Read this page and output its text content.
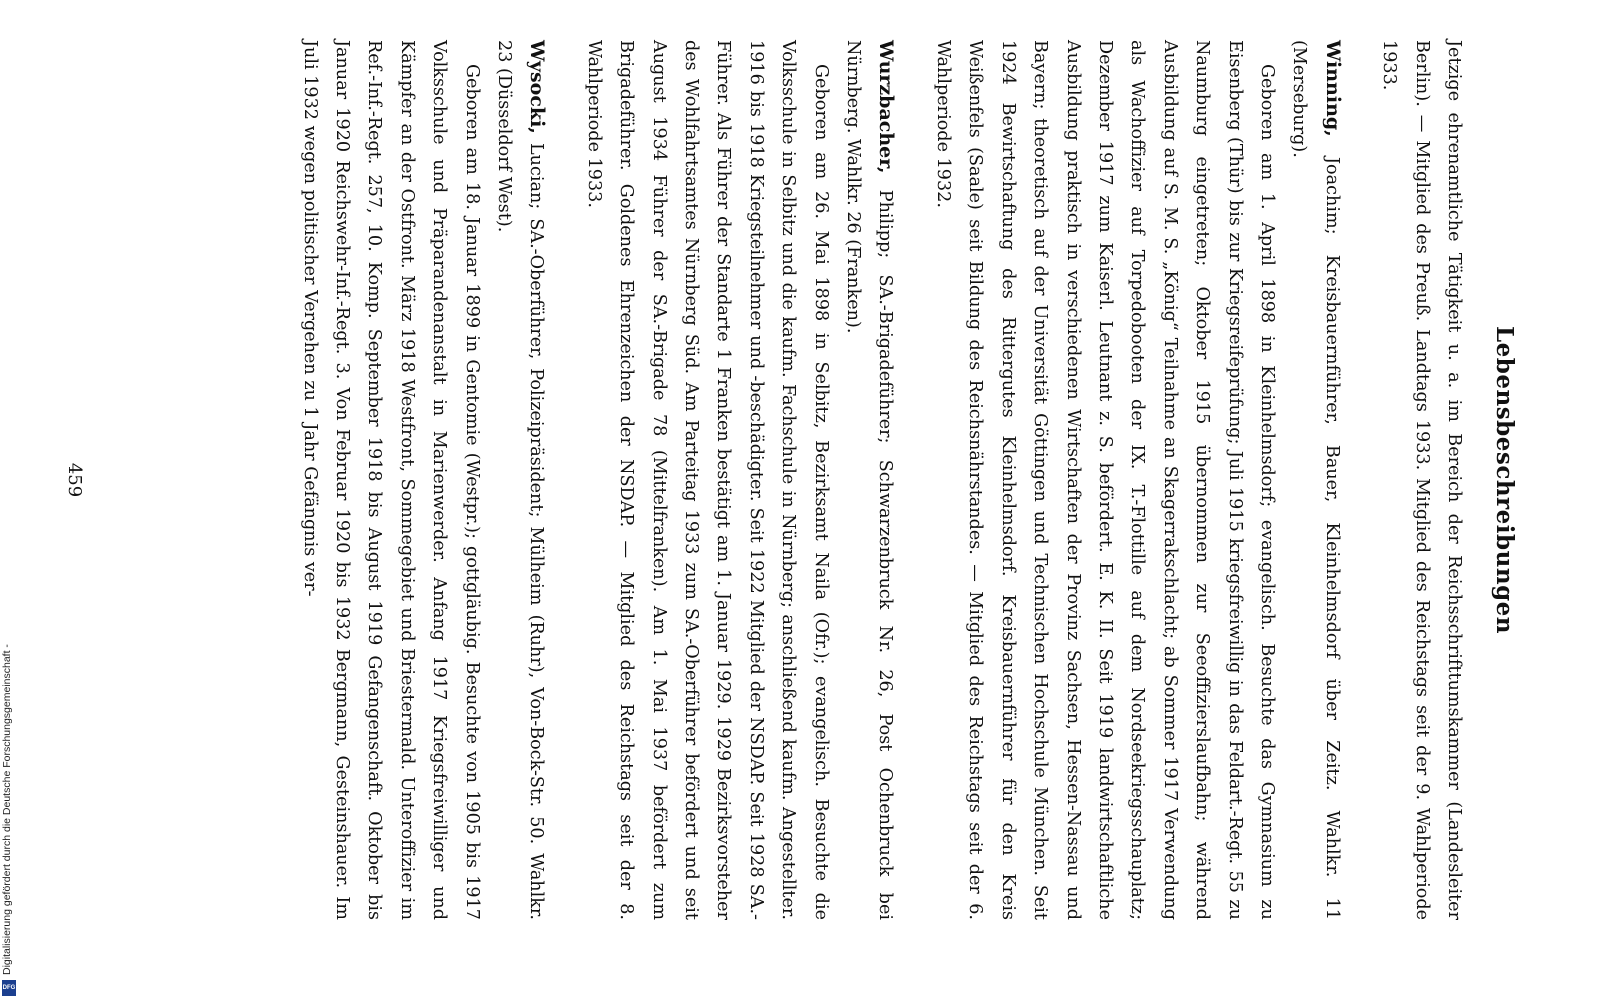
Lebensbeschreibungen

Jetzige ehrenamtliche Tätigkeit u. a. im Bereich der Reichsschrifttumskammer (Landesleiter Berlin). — Mitglied des Preuß. Landtags 1933. Mitglied des Reichstags seit der 9. Wahlperiode 1933.

Winning, Joachim; Kreisbauernführer, Bauer, Kleinhelmsdorf über Zeitz. Wahlkr. 11 (Merseburg).

Geboren am 1. April 1898 in Kleinhelmsdorf; evangelisch. Besuchte das Gymnasium zu Eisenberg (Thür) bis zur Kriegsreifeprüfung; Juli 1915 kriegsfreiwillig in das Feldart.-Regt. 55 zu Naumburg eingetreten; Oktober 1915 übernommen zur Seeoffizierslaufbahn; während Ausbildung auf S. M. S. „König“ Teilnahme an Skagerrakschlacht; ab Sommer 1917 Verwendung als Wachoffizier auf Torpedobooten der IX. T.-Flottille auf dem Nordseekriegsschauplatz; Dezember 1917 zum Kaiserl. Leutnant z. S. befördert. E. K. II. Seit 1919 landwirtschaftliche Ausbildung praktisch in verschiedenen Wirtschaften der Provinz Sachsen, Hessen-Nassau und Bayern; theoretisch auf der Universität Göttingen und Technischen Hochschule München. Seit 1924 Bewirtschaftung des Rittergutes Kleinhelmsdorf. Kreisbauernführer für den Kreis Weißenfels (Saale) seit Bildung des Reichsnährstandes. — Mitglied des Reichstags seit der 6. Wahlperiode 1932.

Wurzbacher, Philipp; SA.-Brigadeführer; Schwarzenbruck Nr. 26, Post Ochenbruck bei Nürnberg. Wahlkr. 26 (Franken).

Geboren am 26. Mai 1898 in Selbitz, Bezirksamt Naila (Ofr.); evangelisch. Besuchte die Volksschule in Selbitz und die kaufm. Fachschule in Nürnberg; anschließend kaufm. Angestellter. 1916 bis 1918 Kriegsteilnehmer und -beschädigter. Seit 1922 Mitglied der NSDAP. Seit 1928 SA.-Führer. Als Führer der Standarte 1 Franken bestätigt am 1. Januar 1929. 1929 Bezirksvorsteher des Wohlfahrtsamtes Nürnberg Süd. Am Parteitag 1933 zum SA.-Oberführer befördert und seit August 1934 Führer der SA.-Brigade 78 (Mittelfranken). Am 1. Mai 1937 befördert zum Brigadeführer. Goldenes Ehrenzeichen der NSDAP. — Mitglied des Reichstags seit der 8. Wahlperiode 1933.

Wysocki, Lucian; SA.-Oberführer, Polizeipräsident; Mülheim (Ruhr), Von-Bock-Str. 50. Wahlkr. 23 (Düsseldorf West).

Geboren am 18. Januar 1899 in Gentomie (Westpr.); gottgläubig. Besuchte von 1905 bis 1917 Volksschule und Präparandenanstalt in Marienwerder. Anfang 1917 Kriegsfreiwilliger und Kämpfer an der Ostfront. März 1918 Westfront, Sommegebiet und Briestermald. Unteroffizier im Ref.-Inf.-Regt. 257, 10. Komp. September 1918 bis August 1919 Gefangenschaft. Oktober bis Januar 1920 Reichswehr-Inf.-Regt. 3. Von Februar 1920 bis 1932 Bergmann, Gesteinshauer. Im Juli 1932 wegen politischer Vergehen zu 1 Jahr Gefängnis ver-

459
Digitalisierung gefördert durch die Deutsche Forschungsgemeinschaft -
DFG
